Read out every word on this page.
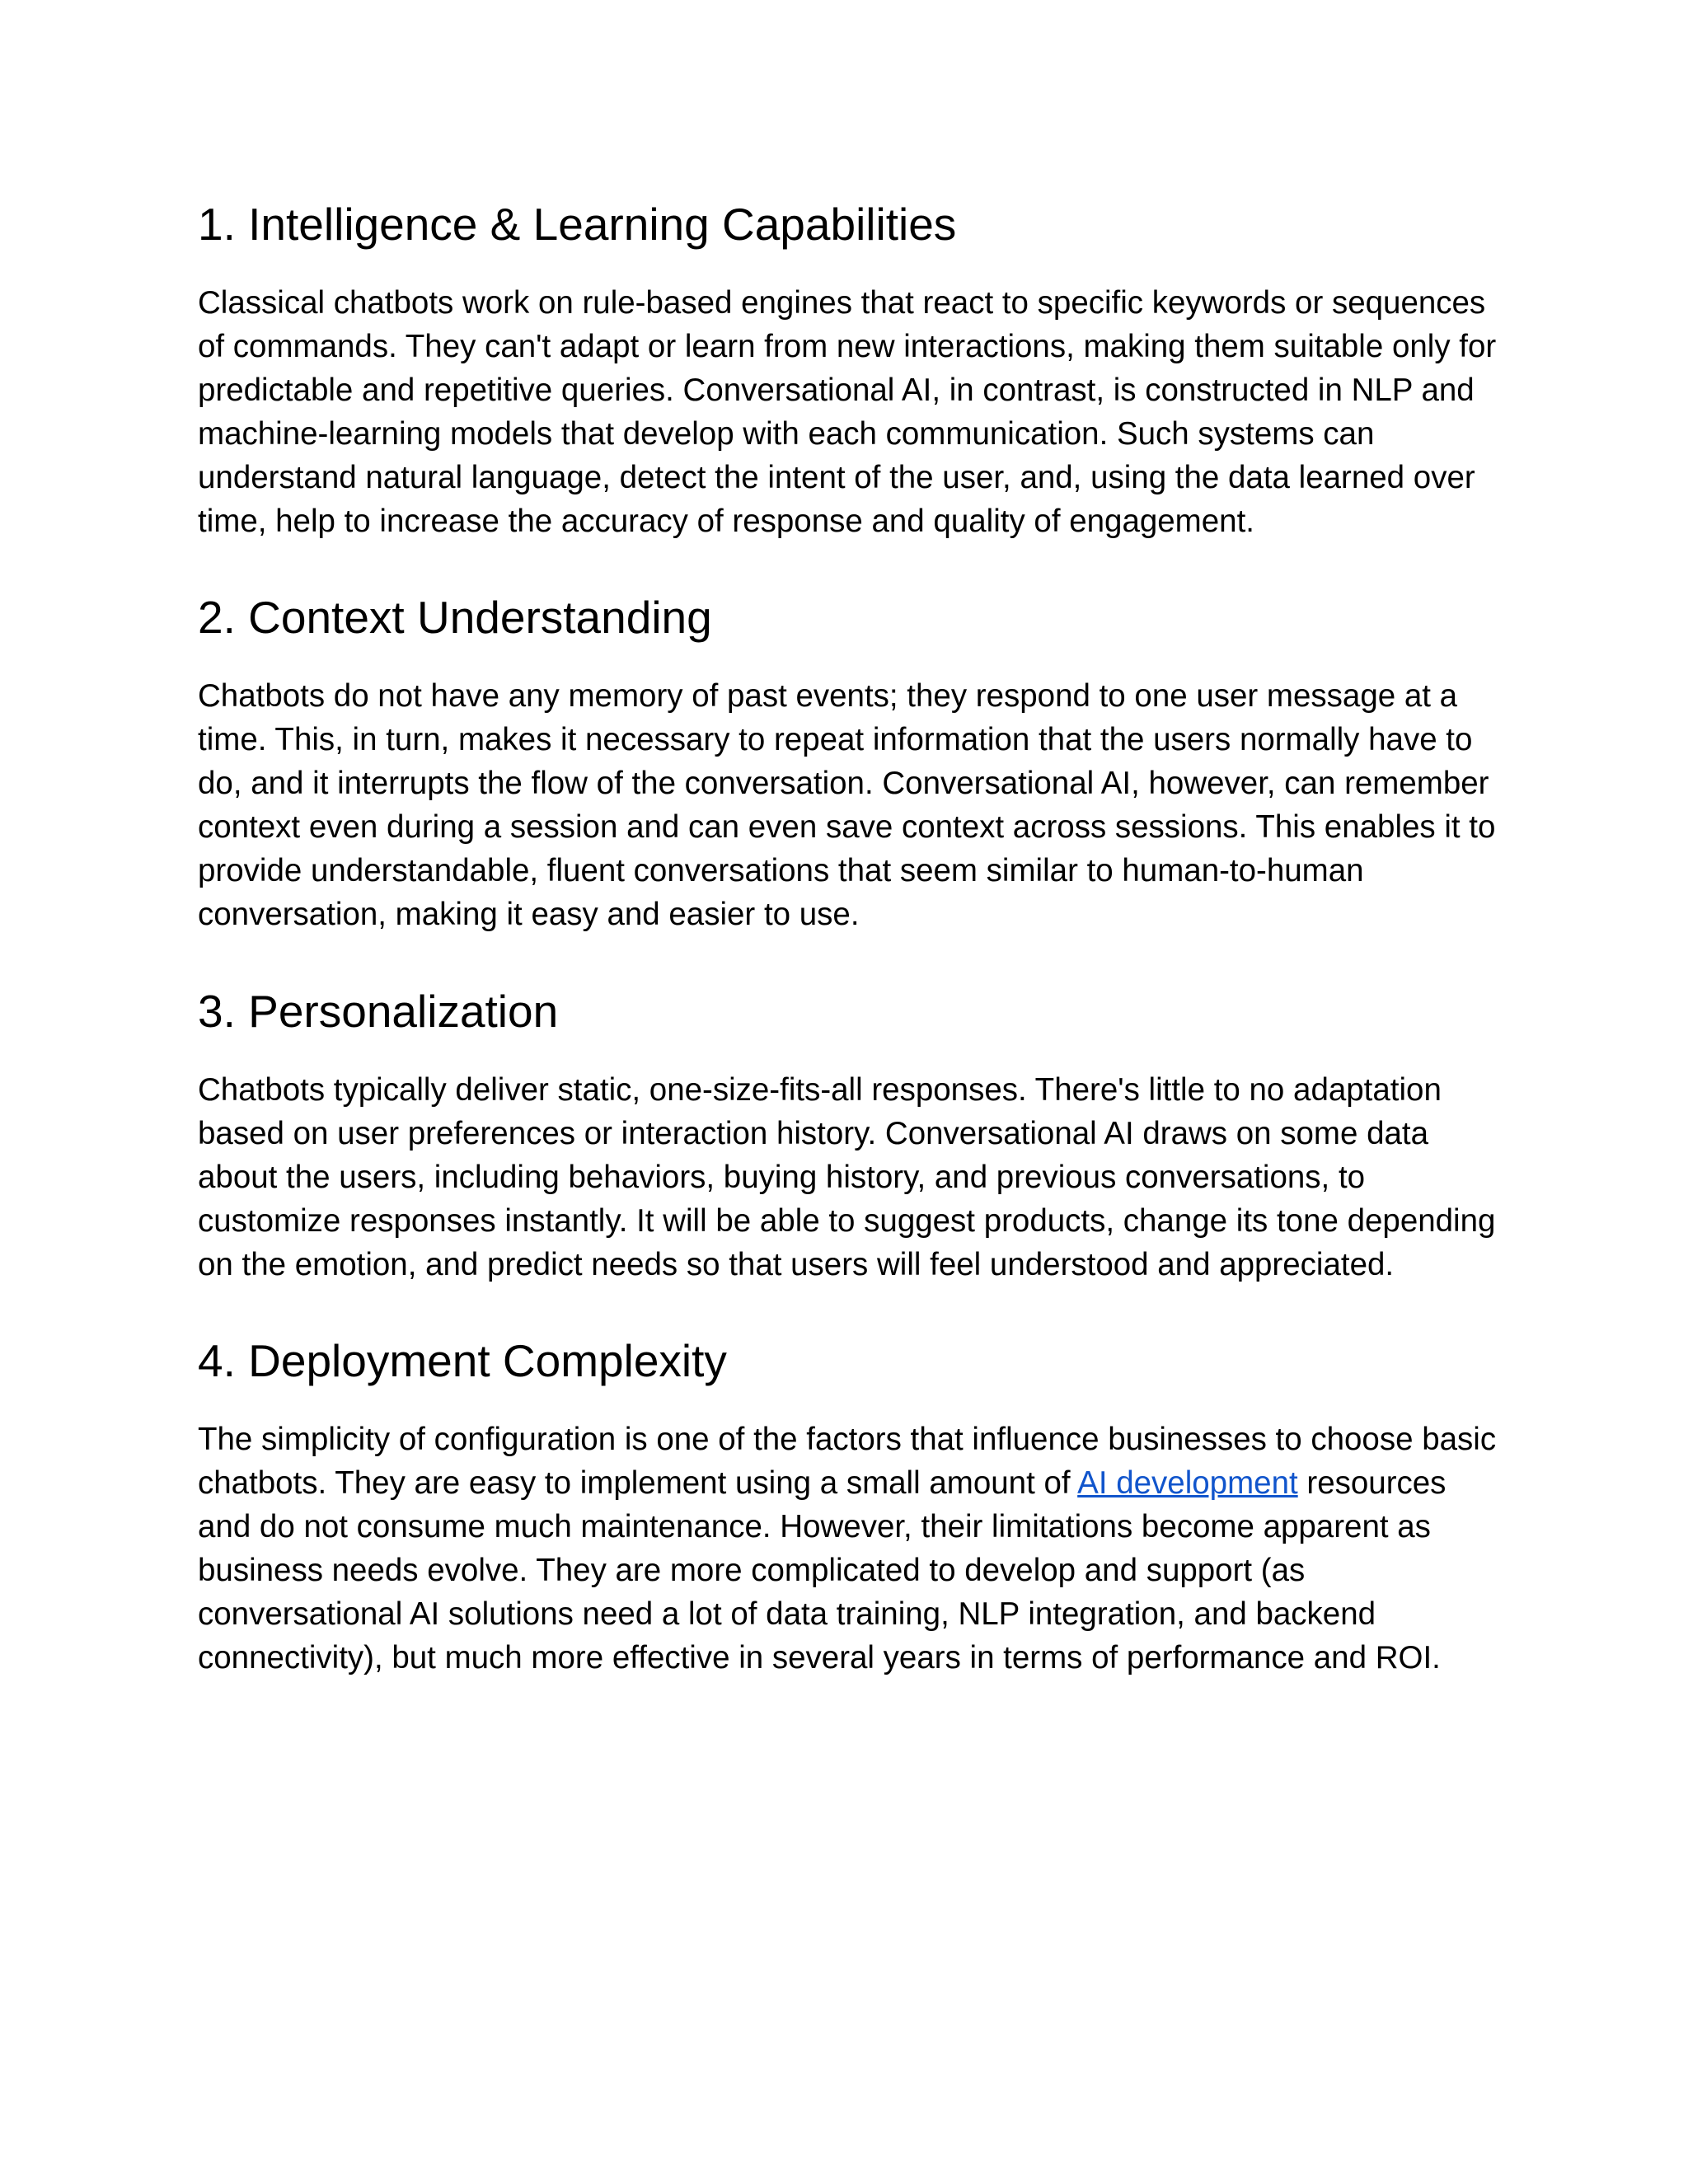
1. Intelligence & Learning Capabilities

Classical chatbots work on rule-based engines that react to specific keywords or sequences of commands. They can't adapt or learn from new interactions, making them suitable only for predictable and repetitive queries. Conversational AI, in contrast, is constructed in NLP and machine-learning models that develop with each communication. Such systems can understand natural language, detect the intent of the user, and, using the data learned over time, help to increase the accuracy of response and quality of engagement.

2. Context Understanding

Chatbots do not have any memory of past events; they respond to one user message at a time. This, in turn, makes it necessary to repeat information that the users normally have to do, and it interrupts the flow of the conversation. Conversational AI, however, can remember context even during a session and can even save context across sessions. This enables it to provide understandable, fluent conversations that seem similar to human-to-human conversation, making it easy and easier to use.

3. Personalization

Chatbots typically deliver static, one-size-fits-all responses. There's little to no adaptation based on user preferences or interaction history. Conversational AI draws on some data about the users, including behaviors, buying history, and previous conversations, to customize responses instantly. It will be able to suggest products, change its tone depending on the emotion, and predict needs so that users will feel understood and appreciated.

4. Deployment Complexity

The simplicity of configuration is one of the factors that influence businesses to choose basic chatbots. They are easy to implement using a small amount of AI development resources and do not consume much maintenance. However, their limitations become apparent as business needs evolve. They are more complicated to develop and support (as conversational AI solutions need a lot of data training, NLP integration, and backend connectivity), but much more effective in several years in terms of performance and ROI.
